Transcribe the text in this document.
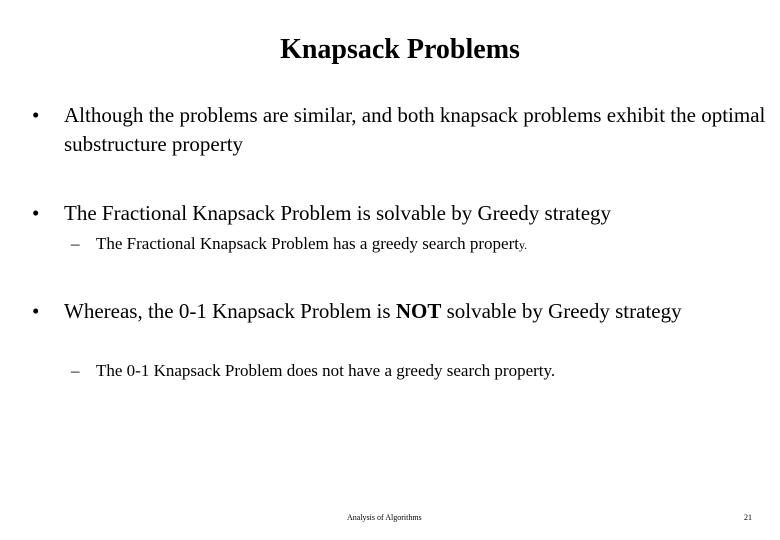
Knapsack Problems
• Although the problems are similar, and both knapsack problems exhibit the optimal substructure property
• The Fractional Knapsack Problem is solvable by Greedy strategy
– The Fractional Knapsack Problem has a greedy search property.
• Whereas, the 0-1 Knapsack Problem is NOT solvable by Greedy strategy
– The 0-1 Knapsack Problem does not have a greedy search property.
Analysis of Algorithms	21
